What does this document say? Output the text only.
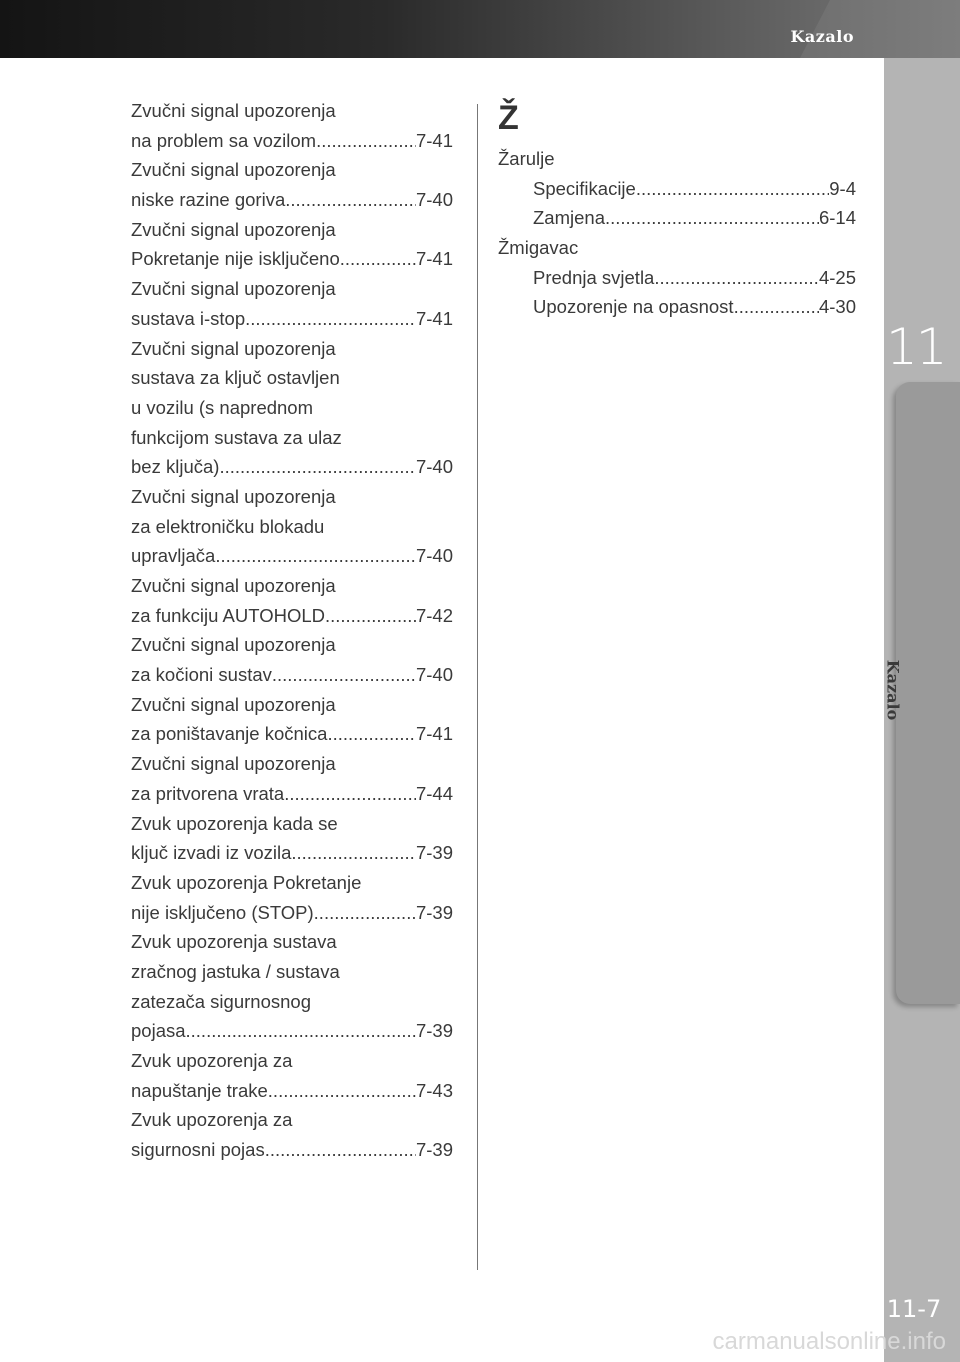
Kazalo
11
Kazalo
11-7
carmanualsonline.info
Zvučni signal upozorenja
na problem sa vozilom .....	7-41
Zvučni signal upozorenja
niske razine goriva .....	7-40
Zvučni signal upozorenja
Pokretanje nije isključeno .....	7-41
Zvučni signal upozorenja
sustava i-stop .....	7-41
Zvučni signal upozorenja
sustava za ključ ostavljen
u vozilu (s naprednom
funkcijom sustava za ulaz
bez ključa) .....	7-40
Zvučni signal upozorenja
za elektroničku blokadu
upravljača .....	7-40
Zvučni signal upozorenja
za funkciju AUTOHOLD .....	7-42
Zvučni signal upozorenja
za kočioni sustav .....	7-40
Zvučni signal upozorenja
za poništavanje kočnica .....	7-41
Zvučni signal upozorenja
za pritvorena vrata .....	7-44
Zvuk upozorenja kada se
ključ izvadi iz vozila .....	7-39
Zvuk upozorenja Pokretanje
nije isključeno (STOP) .....	7-39
Zvuk upozorenja sustava
zračnog jastuka / sustava
zatezača sigurnosnog
pojasa .....	7-39
Zvuk upozorenja za
napuštanje trake .....	7-43
Zvuk upozorenja za
sigurnosni pojas .....	7-39
Ž
Žarulje
Specifikacije .....	9-4
Zamjena .....	6-14
Žmigavac
Prednja svjetla .....	4-25
Upozorenje na opasnost .....	4-30
